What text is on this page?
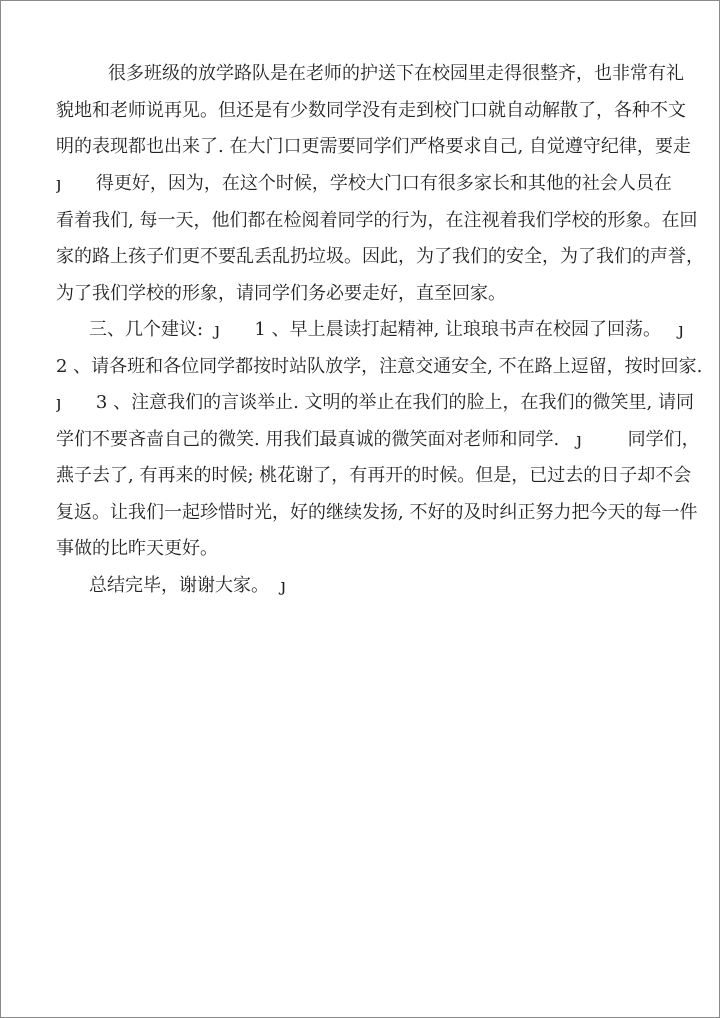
很多班级的放学路队是在老师的护送下在校园里走得很整齐，也非常有礼
貌地和老师说再见。但还是有少数同学没有走到校门口就自动解散了，各种不文
明的表现都也出来了. 在大门口更需要同学们严格要求自己, 自觉遵守纪律，要走
ȷ      得更好，因为，在这个时候，学校大门口有很多家长和其他的社会人员在
看着我们, 每一天，他们都在检阅着同学的行为，在注视着我们学校的形象。在回
家的路上孩子们更不要乱丢乱扔垃圾。因此，为了我们的安全，为了我们的声誉，
为了我们学校的形象，请同学们务必要走好，直至回家。
三、几个建议:  ȷ      1 、早上晨读打起精神, 让琅琅书声在校园了回荡。   ȷ
2 、请各班和各位同学都按时站队放学，注意交通安全, 不在路上逗留，按时回家.
ȷ      3 、注意我们的言谈举止. 文明的举止在我们的脸上，在我们的微笑里, 请同
学们不要吝啬自己的微笑. 用我们最真诚的微笑面对老师和同学.   ȷ        同学们，
燕子去了, 有再来的时候; 桃花谢了，有再开的时候。但是，已过去的日子却不会
复返。让我们一起珍惜时光，好的继续发扬, 不好的及时纠正努力把今天的每一件
事做的比昨天更好。
总结完毕，谢谢大家。  ȷ
